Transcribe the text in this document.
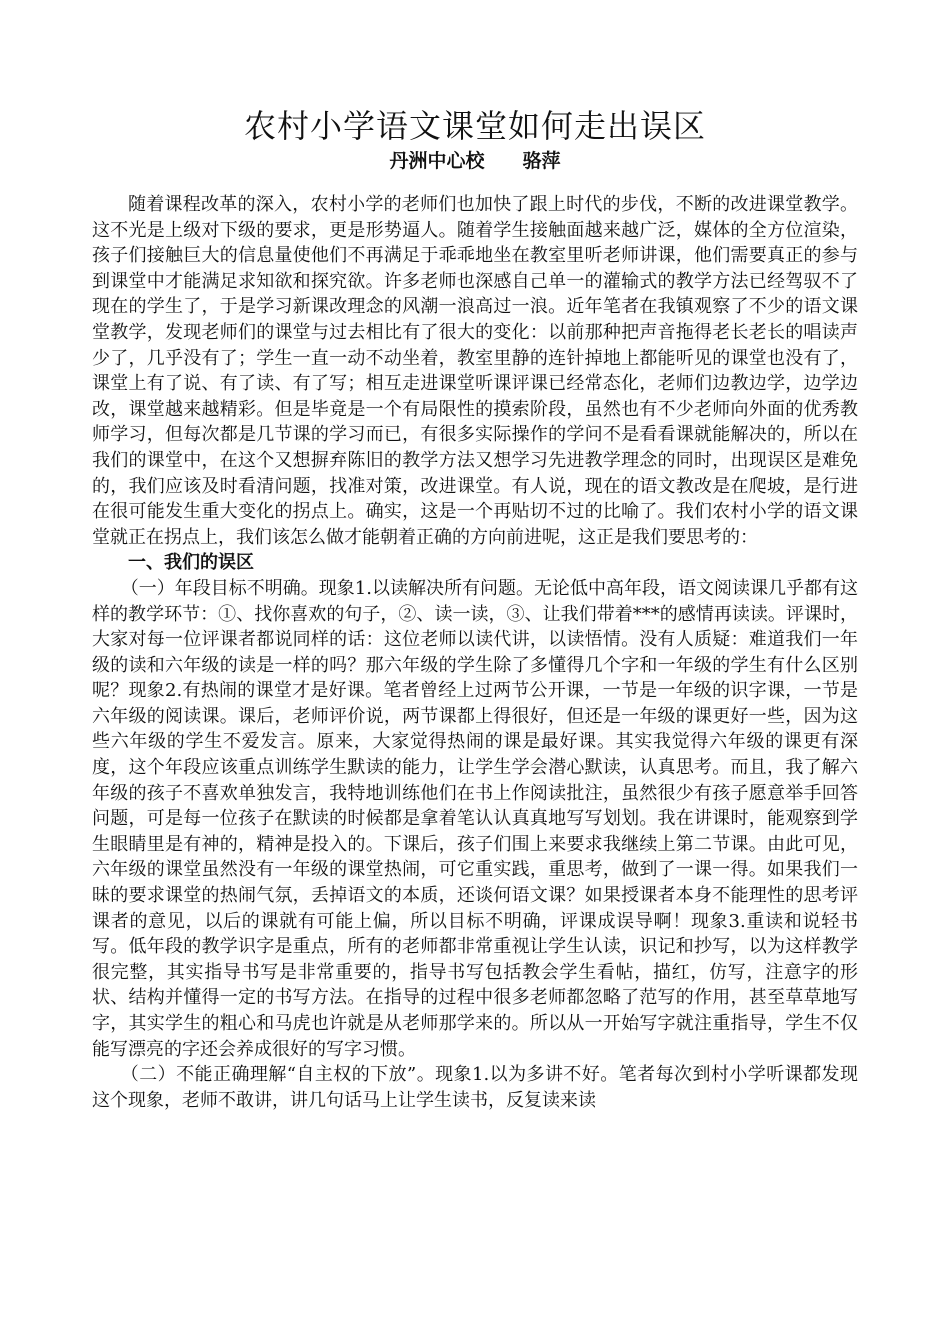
农村小学语文课堂如何走出误区
丹洲中心校 骆萍

随着课程改革的深入，农村小学的老师们也加快了跟上时代的步伐，不断的改进课堂教学。这不光是上级对下级的要求，更是形势逼人。随着学生接触面越来越广泛，媒体的全方位渲染，孩子们接触巨大的信息量使他们不再满足于乖乖地坐在教室里听老师讲课，他们需要真正的参与到课堂中才能满足求知欲和探究欲。许多老师也深感自己单一的灌输式的教学方法已经驾驭不了现在的学生了，于是学习新课改理念的风潮一浪高过一浪。近年笔者在我镇观察了不少的语文课堂教学，发现老师们的课堂与过去相比有了很大的变化：以前那种把声音拖得老长老长的唱读声少了，几乎没有了；学生一直一动不动坐着，教室里静的连针掉地上都能听见的课堂也没有了，课堂上有了说、有了读、有了写；相互走进课堂听课评课已经常态化，老师们边教边学，边学边改，课堂越来越精彩。但是毕竟是一个有局限性的摸索阶段，虽然也有不少老师向外面的优秀教师学习，但每次都是几节课的学习而已，有很多实际操作的学问不是看看课就能解决的，所以在我们的课堂中，在这个又想摒弃陈旧的教学方法又想学习先进教学理念的同时，出现误区是难免的，我们应该及时看清问题，找准对策，改进课堂。有人说，现在的语文教改是在爬坡，是行进在很可能发生重大变化的拐点上。确实，这是一个再贴切不过的比喻了。我们农村小学的语文课堂就正在拐点上，我们该怎么做才能朝着正确的方向前进呢，这正是我们要思考的：

一、我们的误区

（一）年段目标不明确。现象1.以读解决所有问题。无论低中高年段，语文阅读课几乎都有这样的教学环节：①、找你喜欢的句子，②、读一读，③、让我们带着***的感情再读读。评课时，大家对每一位评课者都说同样的话：这位老师以读代讲，以读悟情。没有人质疑：难道我们一年级的读和六年级的读是一样的吗？那六年级的学生除了多懂得几个字和一年级的学生有什么区别呢？现象2.有热闹的课堂才是好课。笔者曾经上过两节公开课，一节是一年级的识字课，一节是六年级的阅读课。课后，老师评价说，两节课都上得很好，但还是一年级的课更好一些，因为这些六年级的学生不爱发言。原来，大家觉得热闹的课是最好课。其实我觉得六年级的课更有深度，这个年段应该重点训练学生默读的能力，让学生学会潜心默读，认真思考。而且，我了解六年级的孩子不喜欢单独发言，我特地训练他们在书上作阅读批注，虽然很少有孩子愿意举手回答问题，可是每一位孩子在默读的时候都是拿着笔认认真真地写写划划。我在讲课时，能观察到学生眼睛里是有神的，精神是投入的。下课后，孩子们围上来要求我继续上第二节课。由此可见，六年级的课堂虽然没有一年级的课堂热闹，可它重实践，重思考，做到了一课一得。如果我们一昧的要求课堂的热闹气氛，丢掉语文的本质，还谈何语文课？如果授课者本身不能理性的思考评课者的意见，以后的课就有可能上偏，所以目标不明确，评课成误导啊！现象3.重读和说轻书写。低年段的教学识字是重点，所有的老师都非常重视让学生认读，识记和抄写，以为这样教学很完整，其实指导书写是非常重要的，指导书写包括教会学生看帖，描红，仿写，注意字的形状、结构并懂得一定的书写方法。在指导的过程中很多老师都忽略了范写的作用，甚至草草地写字，其实学生的粗心和马虎也许就是从老师那学来的。所以从一开始写字就注重指导，学生不仅能写漂亮的字还会养成很好的写字习惯。

（二）不能正确理解“自主权的下放”。现象1.以为多讲不好。笔者每次到村小学听课都发现这个现象，老师不敢讲，讲几句话马上让学生读书，反复读来读
